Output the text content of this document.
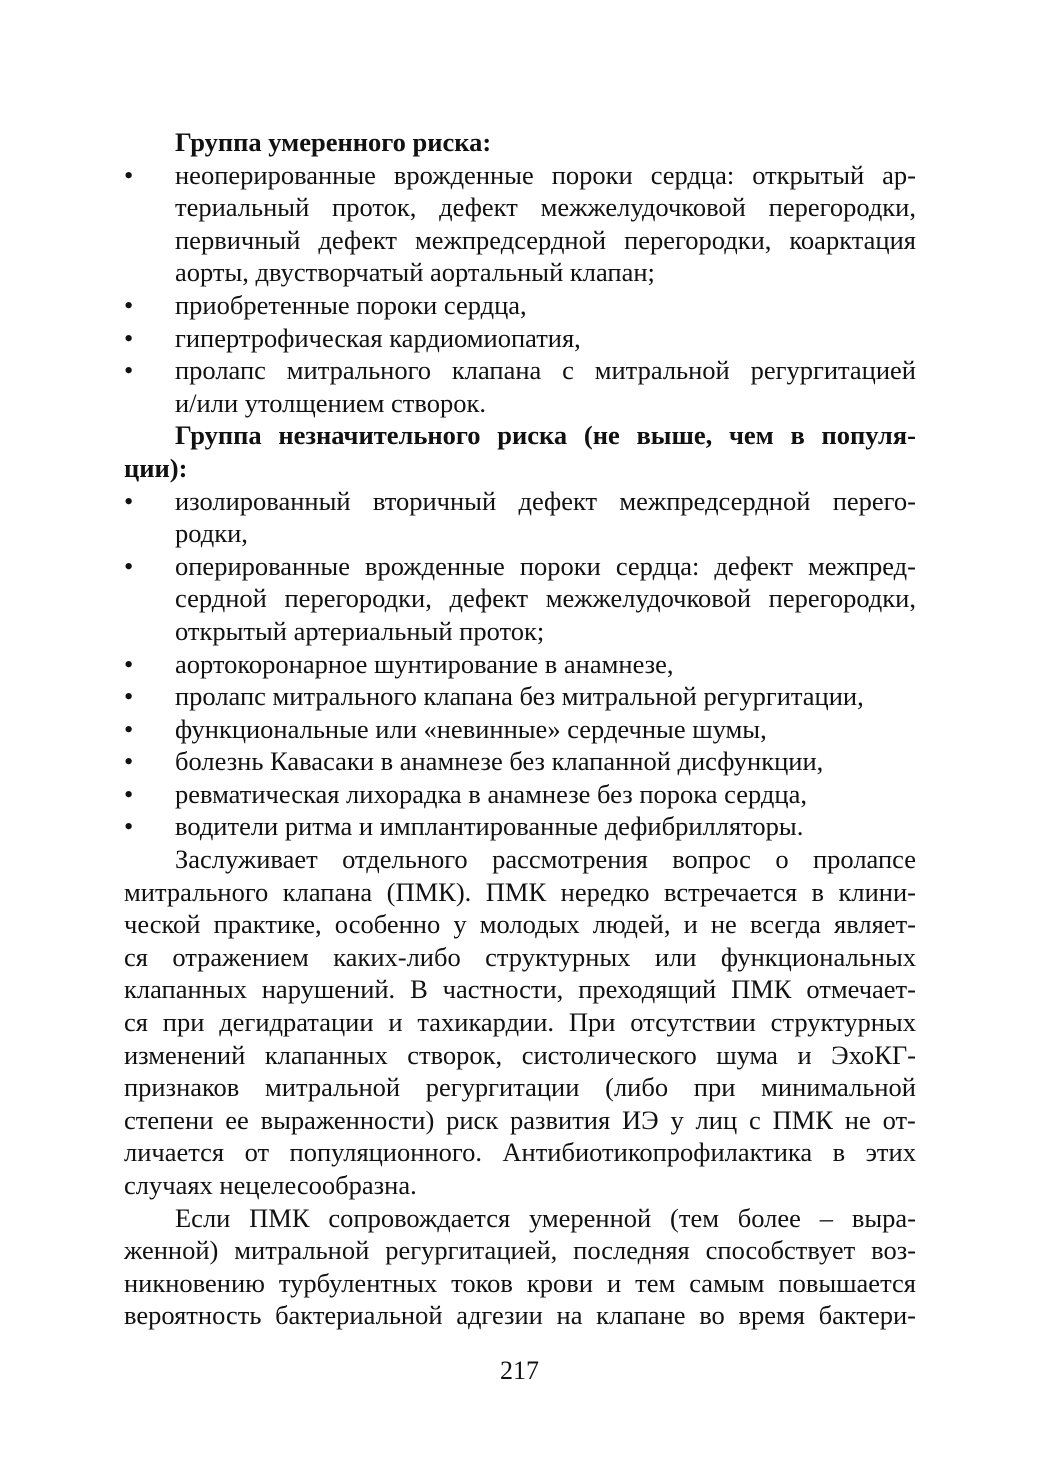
Группа умеренного риска:
• неоперированные врожденные пороки сердца: открытый ар-
териальный проток, дефект межжелудочковой перегородки,
первичный дефект межпредсердной перегородки, коарктация
аорты, двустворчатый аортальный клапан;
•	приобретенные пороки сердца,
•	гипертрофическая кардиомиопатия,
• пролапс митрального клапана с митральной регургитацией
и/или утолщением створок.
Группа незначительного риска (не выше, чем в популя-
ции):
• изолированный вторичный дефект межпредсердной перего-
родки,
• оперированные врожденные пороки сердца: дефект межпред-
сердной перегородки, дефект межжелудочковой перегородки,
открытый артериальный проток;
•	аортокоронарное шунтирование в анамнезе,
•	пролапс митрального клапана без митральной регургитации,
•	функциональные или «невинные» сердечные шумы,
•	болезнь Кавасаки в анамнезе без клапанной дисфункции,
•	ревматическая лихорадка в анамнезе без порока сердца,
•	водители ритма и имплантированные дефибрилляторы.
Заслуживает отдельного рассмотрения вопрос о пролапсе
митрального клапана (ПМК). ПМК нередко встречается в клини-
ческой практике, особенно у молодых людей, и не всегда являет-
ся отражением каких-либо структурных или функциональных
клапанных нарушений. В частности, преходящий ПМК отмечает-
ся при дегидратации и тахикардии. При отсутствии структурных
изменений клапанных створок, систолического шума и ЭхоКГ-
признаков митральной регургитации (либо при минимальной
степени ее выраженности) риск развития ИЭ у лиц с ПМК не от-
личается от популяционного. Антибиотикопрофилактика в этих
случаях нецелесообразна.
Если ПМК сопровождается умеренной (тем более – выра-
женной) митральной регургитацией, последняя способствует воз-
никновению турбулентных токов крови и тем самым повышается
вероятность бактериальной адгезии на клапане во время бактери-
217
